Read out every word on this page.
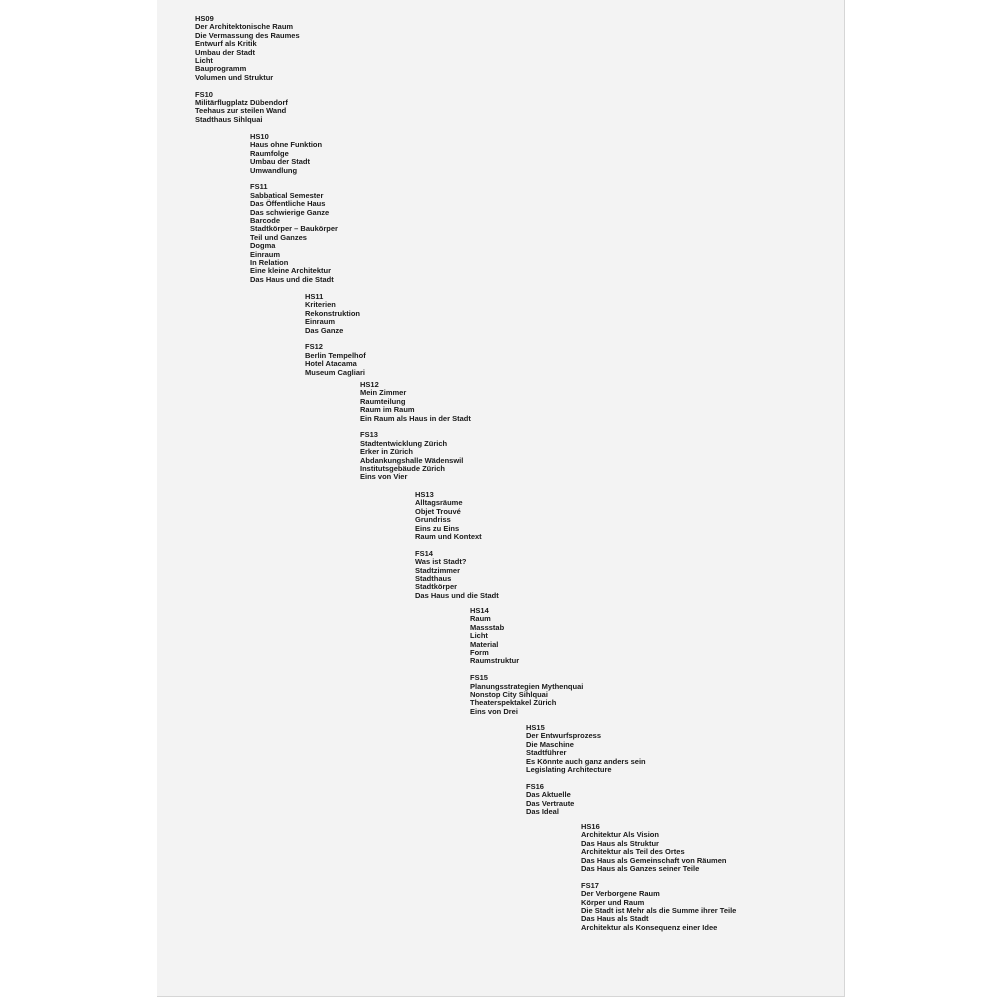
HS09
Der Architektonische Raum
Die Vermassung des Raumes
Entwurf als Kritik
Umbau der Stadt
Licht
Bauprogramm
Volumen und Struktur
FS10
Militärflugplatz Dübendorf
Teehaus zur steilen Wand
Stadthaus Sihlquai
HS10
Haus ohne Funktion
Raumfolge
Umbau der Stadt
Umwandlung
FS11
Sabbatical Semester
Das Öffentliche Haus
Das schwierige Ganze
Barcode
Stadtkörper – Baukörper
Teil und Ganzes
Dogma
Einraum
In Relation
Eine kleine Architektur
Das Haus und die Stadt
HS11
Kriterien
Rekonstruktion
Einraum
Das Ganze
FS12
Berlin Tempelhof
Hotel Atacama
Museum Cagliari
HS12
Mein Zimmer
Raumteilung
Raum im Raum
Ein Raum als Haus in der Stadt
FS13
Stadtentwicklung Zürich
Erker in Zürich
Abdankungshalle Wädenswil
Institutsgebäude Zürich
Eins von Vier
HS13
Alltagsräume
Objet Trouvé
Grundriss
Eins zu Eins
Raum und Kontext
FS14
Was ist Stadt?
Stadtzimmer
Stadthaus
Stadtkörper
Das Haus und die Stadt
HS14
Raum
Massstab
Licht
Material
Form
Raumstruktur
FS15
Planungsstrategien Mythenquai
Nonstop City Sihlquai
Theaterspektakel Zürich
Eins von Drei
HS15
Der Entwurfsprozess
Die Maschine
Stadtführer
Es Könnte auch ganz anders sein
Legislating Architecture
FS16
Das Aktuelle
Das Vertraute
Das Ideal
HS16
Architektur Als Vision
Das Haus als Struktur
Architektur als Teil des Ortes
Das Haus als Gemeinschaft von Räumen
Das Haus als Ganzes seiner Teile
FS17
Der Verborgene Raum
Körper und Raum
Die Stadt ist Mehr als die Summe ihrer Teile
Das Haus als Stadt
Architektur als Konsequenz einer Idee
